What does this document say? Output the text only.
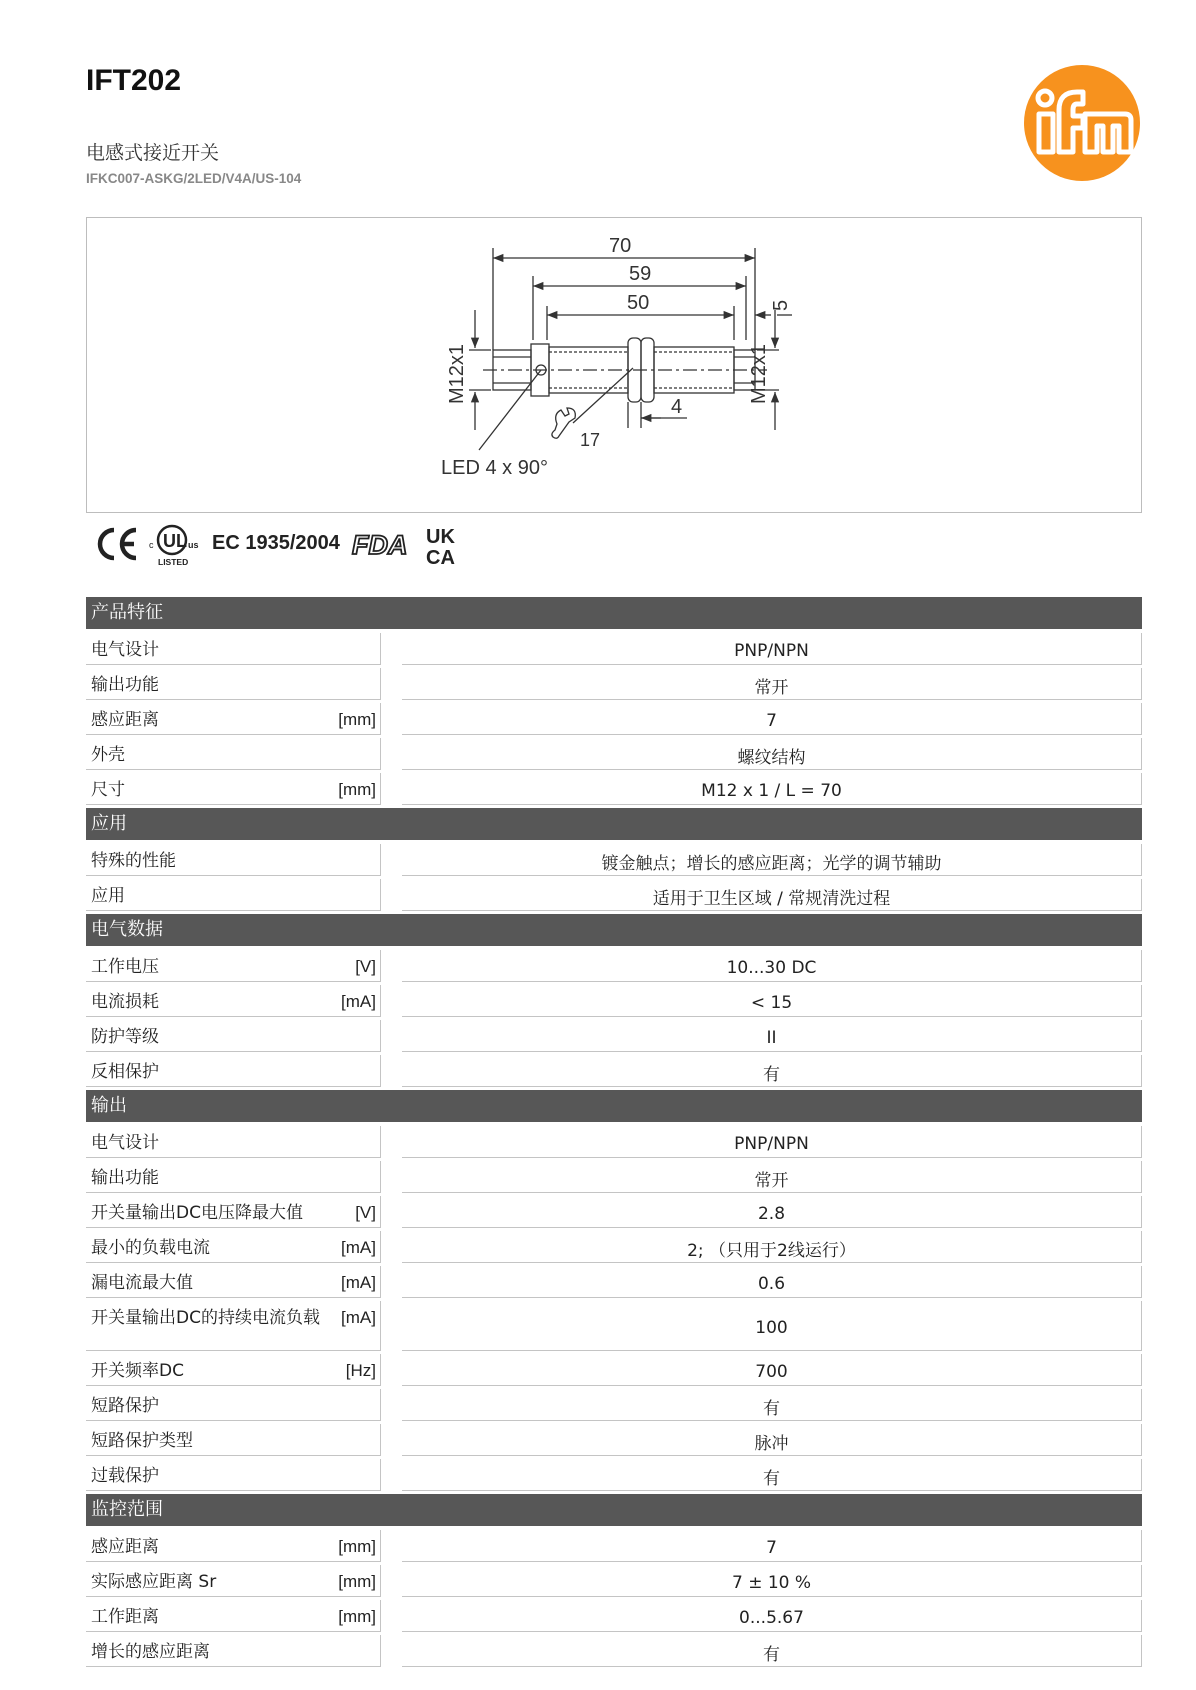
IFT202
电感式接近开关
IFKC007-ASKG/2LED/V4A/US-104
ifm
70
59
50	5
4
17
M12x1	M12x1
LED 4 x 90°
UL
c	us
LISTED
FDA UK
CA
EC 1935/2004
产品特征
电气设计	PNP/NPN
输出功能	常开
感应距离	[mm]	7
外壳	螺纹结构
尺寸	[mm]	M12 x 1 / L = 70
应用
特殊的性能	镀金触点；增长的感应距离；光学的调节辅助
应用	适用于卫生区域 / 常规清洗过程
电气数据
工作电压	[V]	10...30 DC
电流损耗	[mA]	< 15
防护等级	II
反相保护	有
输出
电气设计	PNP/NPN
输出功能	常开
开关量输出DC电压降最大值	[V]	2.8
最小的负载电流	[mA]	2; （只用于2线运行）
漏电流最大值	[mA]	0.6
开关量输出DC的持续电流负载	[mA]	100
开关频率DC	[Hz]	700
短路保护	有
短路保护类型	脉冲
过载保护	有
监控范围
感应距离	[mm]	7
实际感应距离 Sr	[mm]	7 ± 10 %
工作距离	[mm]	0...5.67
增长的感应距离	有
